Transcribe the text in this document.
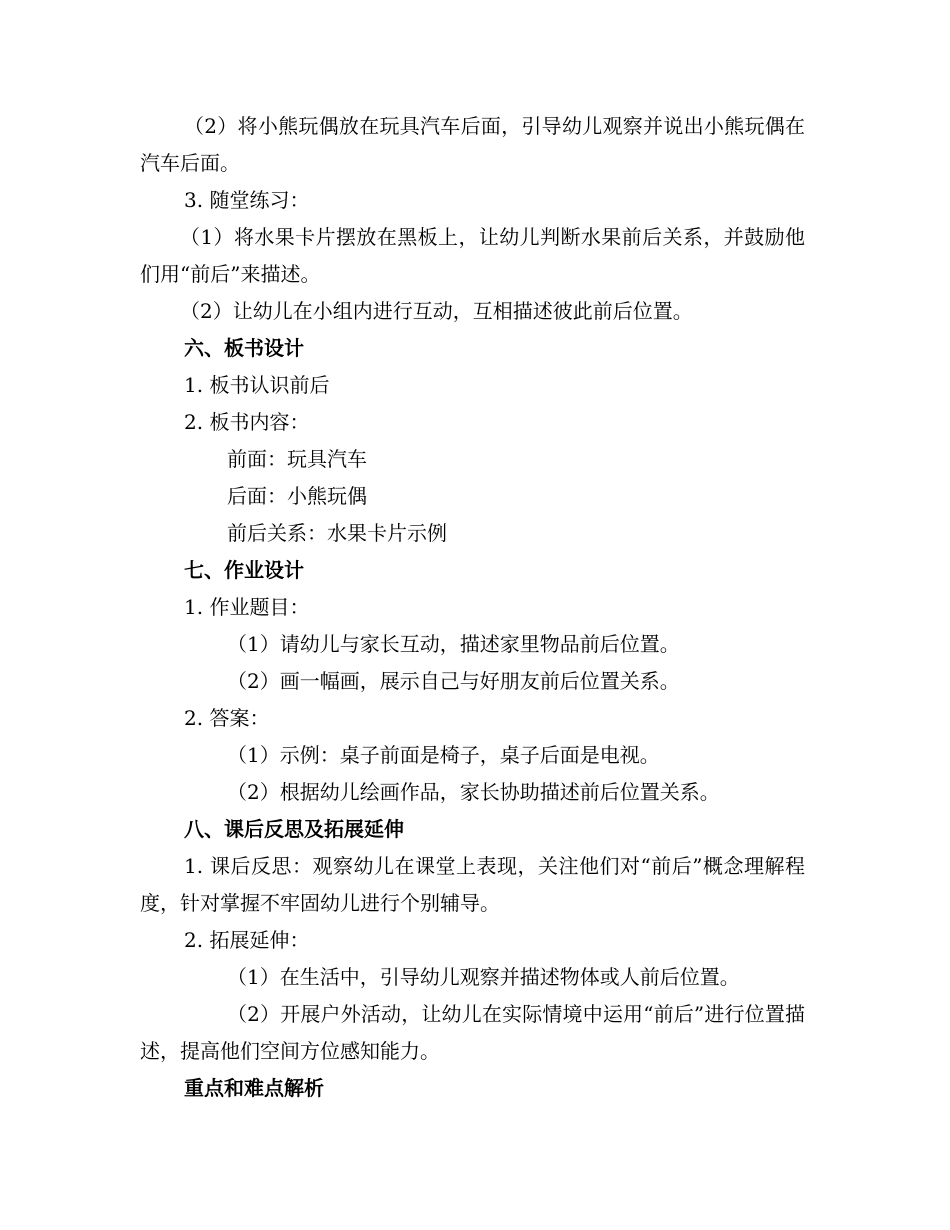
（2）将小熊玩偶放在玩具汽车后面，引导幼儿观察并说出小熊玩偶在汽车后面。
3. 随堂练习：
（1）将水果卡片摆放在黑板上，让幼儿判断水果前后关系，并鼓励他们用“前后”来描述。
（2）让幼儿在小组内进行互动，互相描述彼此前后位置。
六、板书设计
1. 板书认识前后
2. 板书内容：
前面：玩具汽车
后面：小熊玩偶
前后关系：水果卡片示例
七、作业设计
1. 作业题目：
（1）请幼儿与家长互动，描述家里物品前后位置。
（2）画一幅画，展示自己与好朋友前后位置关系。
2. 答案：
（1）示例：桌子前面是椅子，桌子后面是电视。
（2）根据幼儿绘画作品，家长协助描述前后位置关系。
八、课后反思及拓展延伸
1. 课后反思：观察幼儿在课堂上表现，关注他们对“前后”概念理解程度，针对掌握不牢固幼儿进行个别辅导。
2. 拓展延伸：
（1）在生活中，引导幼儿观察并描述物体或人前后位置。
（2）开展户外活动，让幼儿在实际情境中运用“前后”进行位置描述，提高他们空间方位感知能力。
重点和难点解析
